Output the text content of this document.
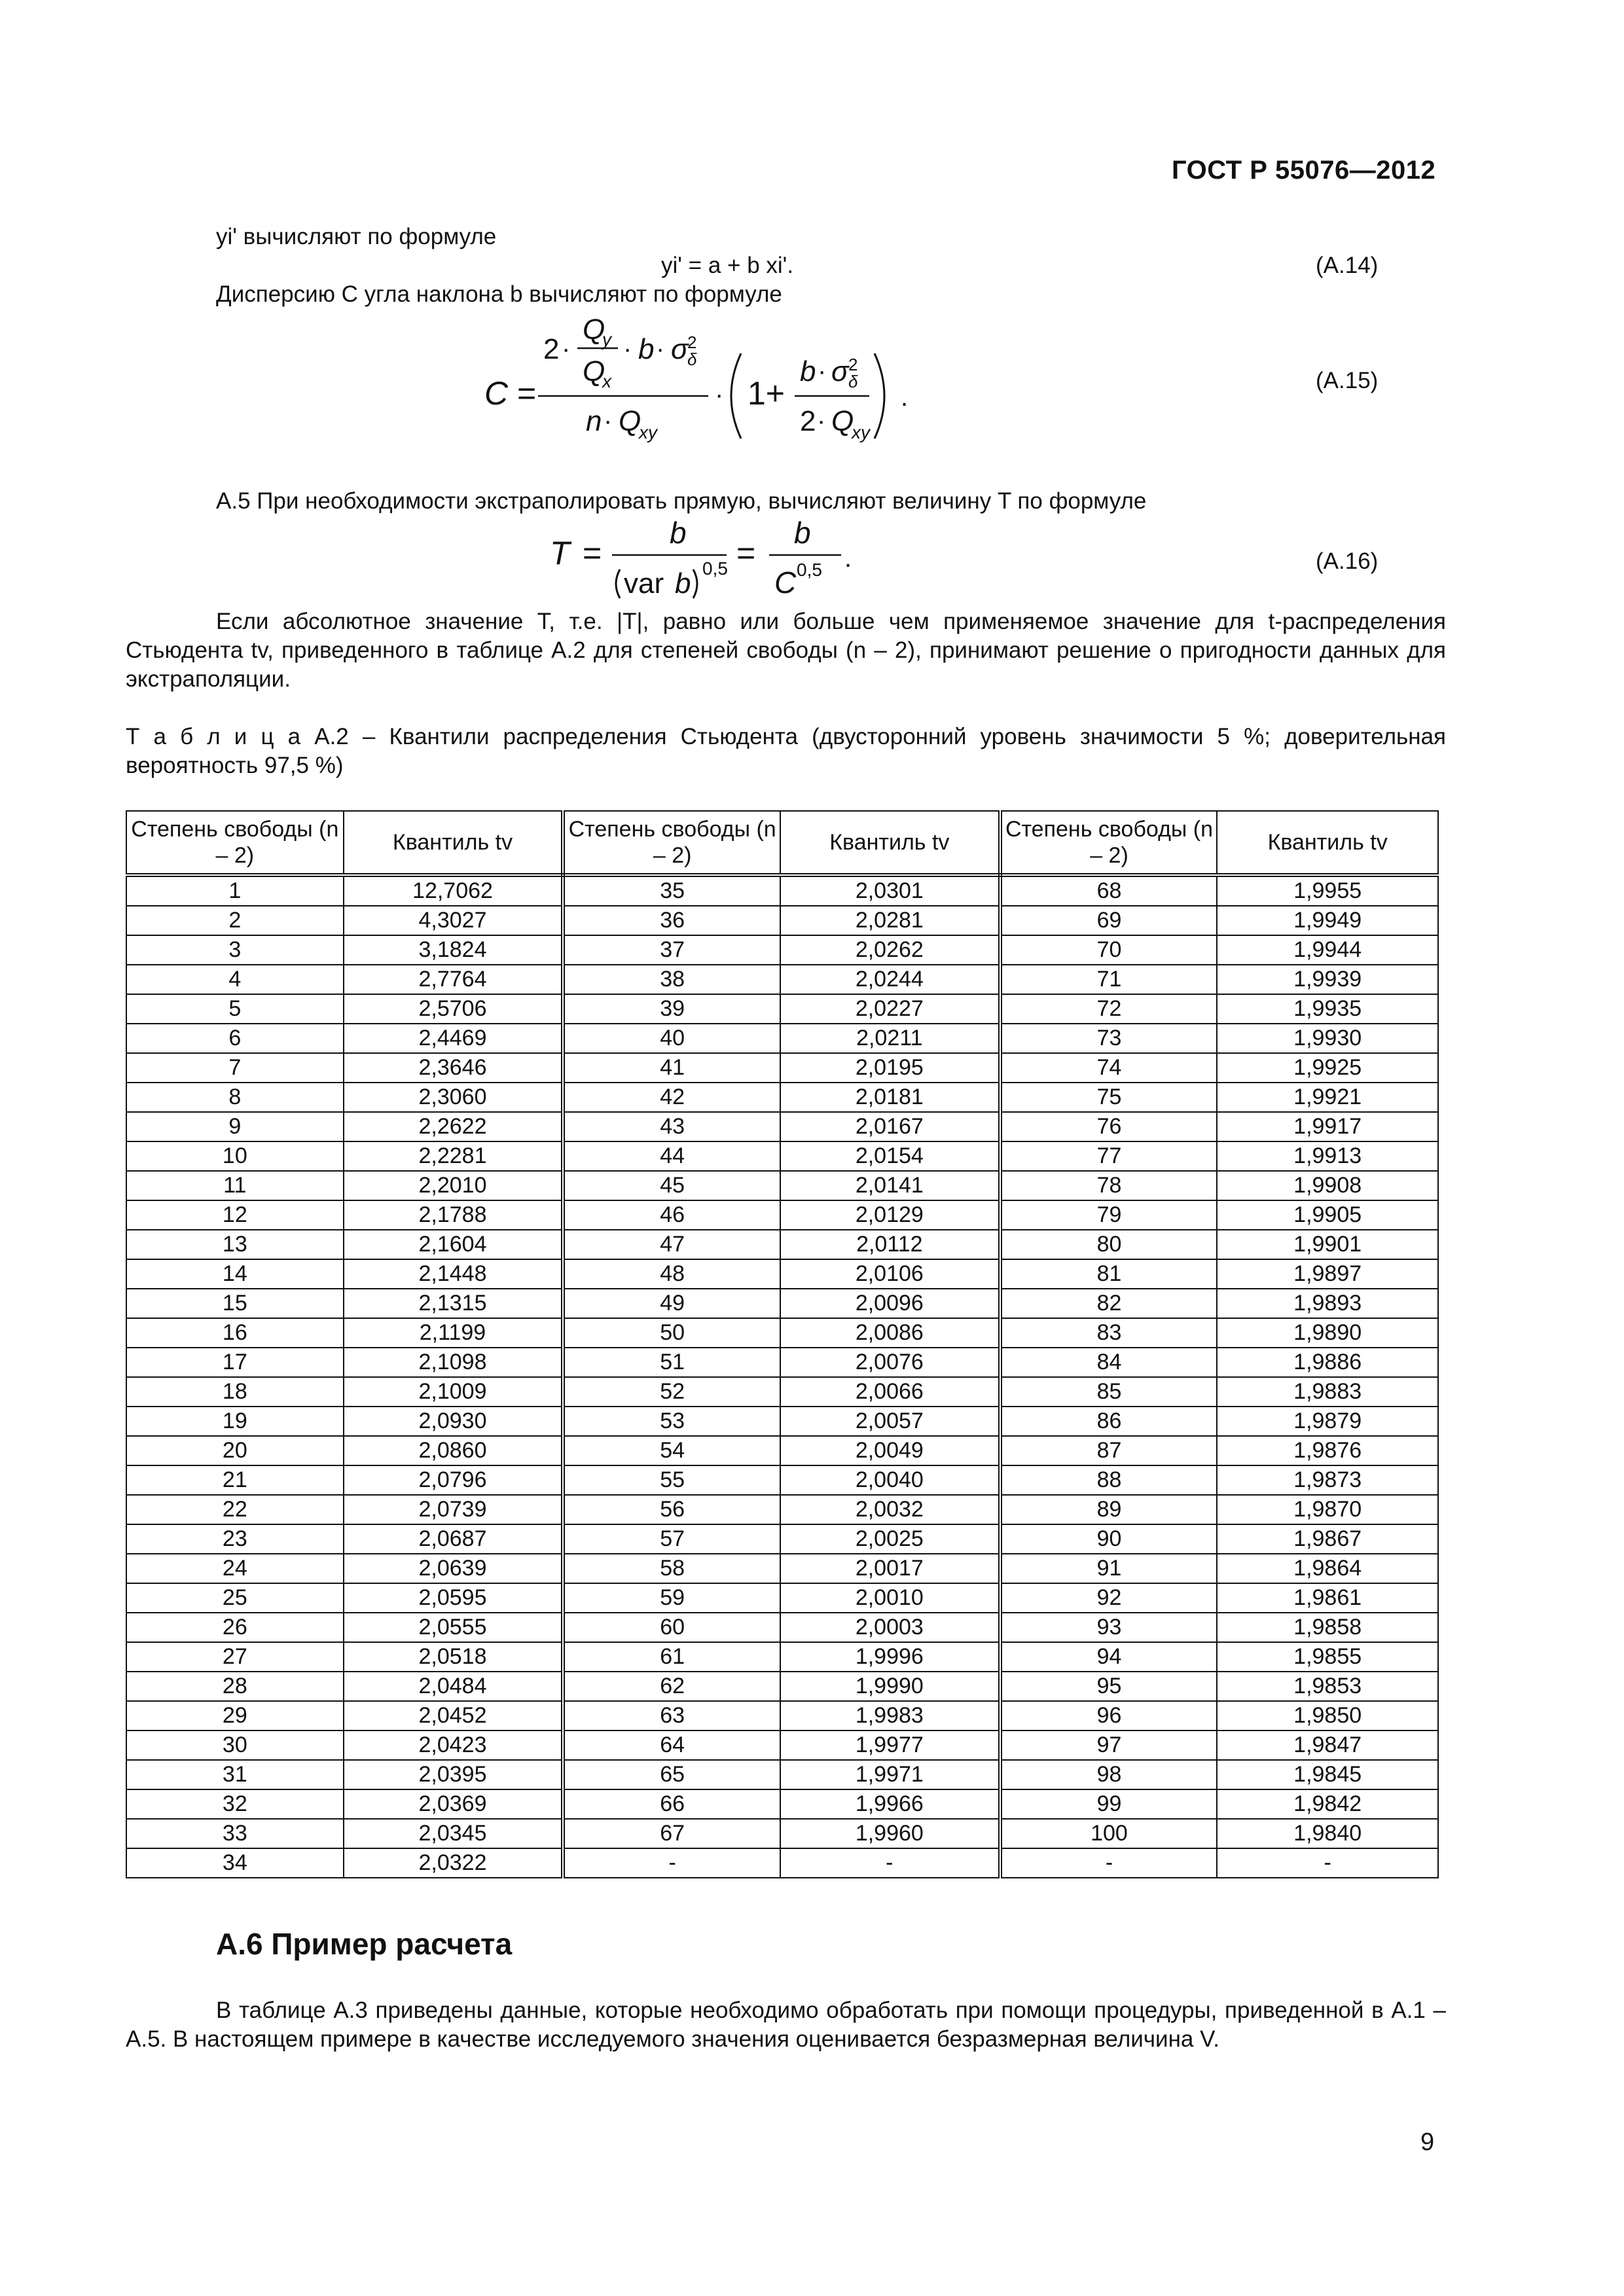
ГОСТ Р 55076—2012
9
yi' вычисляют по формуле
yi' = a + b xi'.	(А.14)
Дисперсию C угла наклона b вычисляют по формуле
C =
2 ·
Q
y
Q
x
· b · σ
2
δ
n · Q
xy
· 1+
b · σ 2
δ
2 · Q
xy
.
(А.15)
А.5 При необходимости экстраполировать прямую, вычисляют величину T по формуле
T =
b
var b 0,5 =
b
C 0,5 .	(А.16)
Если абсолютное значение T, т.е. |T|, равно или больше чем применяемое значение для t-распределения Стьюдента tv, приведенного в таблице А.2 для степеней свободы (n – 2), принимают решение о пригодности данных для экстраполяции.
Т а б л и ц а А.2 – Квантили распределения Стьюдента (двусторонний уровень значимости 5 %; доверительная вероятность 97,5 %)
Степень свободы (n – 2)	Квантиль tv	Степень свободы (n – 2)	Квантиль tv	Степень свободы (n – 2)	Квантиль tv
1	12,7062	35	2,0301	68	1,9955
2	4,3027	36	2,0281	69	1,9949
3	3,1824	37	2,0262	70	1,9944
4	2,7764	38	2,0244	71	1,9939
5	2,5706	39	2,0227	72	1,9935
6	2,4469	40	2,0211	73	1,9930
7	2,3646	41	2,0195	74	1,9925
8	2,3060	42	2,0181	75	1,9921
9	2,2622	43	2,0167	76	1,9917
10	2,2281	44	2,0154	77	1,9913
11	2,2010	45	2,0141	78	1,9908
12	2,1788	46	2,0129	79	1,9905
13	2,1604	47	2,0112	80	1,9901
14	2,1448	48	2,0106	81	1,9897
15	2,1315	49	2,0096	82	1,9893
16	2,1199	50	2,0086	83	1,9890
17	2,1098	51	2,0076	84	1,9886
18	2,1009	52	2,0066	85	1,9883
19	2,0930	53	2,0057	86	1,9879
20	2,0860	54	2,0049	87	1,9876
21	2,0796	55	2,0040	88	1,9873
22	2,0739	56	2,0032	89	1,9870
23	2,0687	57	2,0025	90	1,9867
24	2,0639	58	2,0017	91	1,9864
25	2,0595	59	2,0010	92	1,9861
26	2,0555	60	2,0003	93	1,9858
27	2,0518	61	1,9996	94	1,9855
28	2,0484	62	1,9990	95	1,9853
29	2,0452	63	1,9983	96	1,9850
30	2,0423	64	1,9977	97	1,9847
31	2,0395	65	1,9971	98	1,9845
32	2,0369	66	1,9966	99	1,9842
33	2,0345	67	1,9960	100	1,9840
34	2,0322	-	-	-	-
А.6 Пример расчета
В таблице А.3 приведены данные, которые необходимо обработать при помощи процедуры, приведенной в А.1 – А.5. В настоящем примере в качестве исследуемого значения оценивается безразмерная величина V.
